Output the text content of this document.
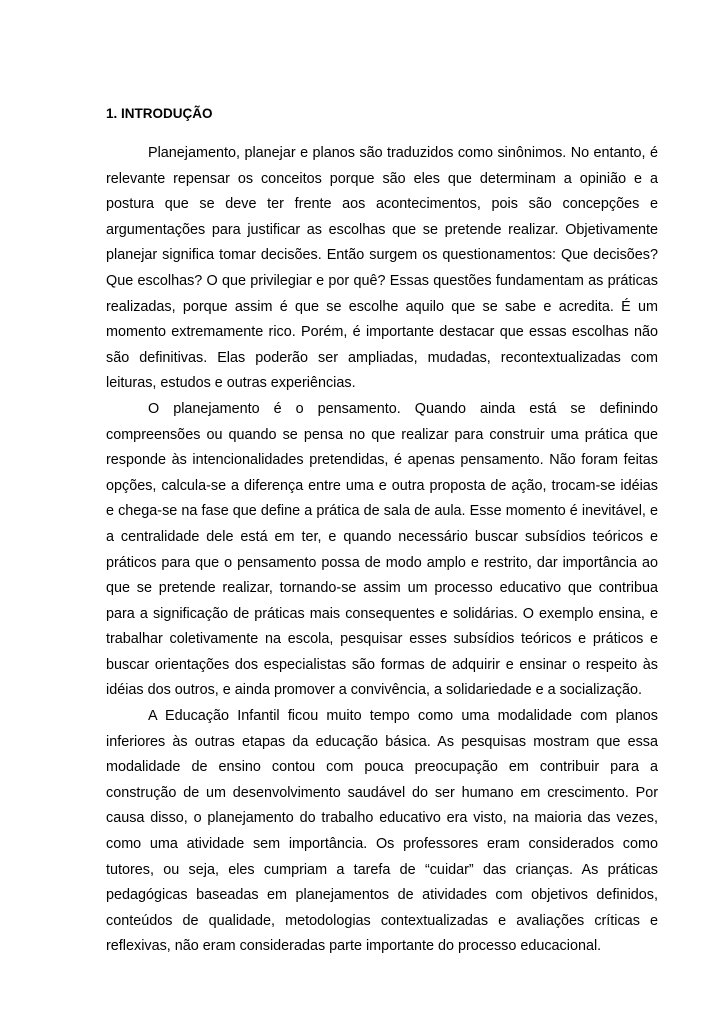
1. INTRODUÇÃO

Planejamento, planejar e planos são traduzidos como sinônimos. No entanto, é relevante repensar os conceitos porque são eles que determinam a opinião e a postura que se deve ter frente aos acontecimentos, pois são concepções e argumentações para justificar as escolhas que se pretende realizar. Objetivamente planejar significa tomar decisões. Então surgem os questionamentos: Que decisões? Que escolhas? O que privilegiar e por quê? Essas questões fundamentam as práticas realizadas, porque assim é que se escolhe aquilo que se sabe e acredita. É um momento extremamente rico. Porém, é importante destacar que essas escolhas não são definitivas. Elas poderão ser ampliadas, mudadas, recontextualizadas com leituras, estudos e outras experiências.

O planejamento é o pensamento. Quando ainda está se definindo compreensões ou quando se pensa no que realizar para construir uma prática que responde às intencionalidades pretendidas, é apenas pensamento. Não foram feitas opções, calcula-se a diferença entre uma e outra proposta de ação, trocam-se idéias e chega-se na fase que define a prática de sala de aula. Esse momento é inevitável, e a centralidade dele está em ter, e quando necessário buscar subsídios teóricos e práticos para que o pensamento possa de modo amplo e restrito, dar importância ao que se pretende realizar, tornando-se assim um processo educativo que contribua para a significação de práticas mais consequentes e solidárias. O exemplo ensina, e trabalhar coletivamente na escola, pesquisar esses subsídios teóricos e práticos e buscar orientações dos especialistas são formas de adquirir e ensinar o respeito às idéias dos outros, e ainda promover a convivência, a solidariedade e a socialização.

A Educação Infantil ficou muito tempo como uma modalidade com planos inferiores às outras etapas da educação básica. As pesquisas mostram que essa modalidade de ensino contou com pouca preocupação em contribuir para a construção de um desenvolvimento saudável do ser humano em crescimento. Por causa disso, o planejamento do trabalho educativo era visto, na maioria das vezes, como uma atividade sem importância. Os professores eram considerados como tutores, ou seja, eles cumpriam a tarefa de “cuidar” das crianças. As práticas pedagógicas baseadas em planejamentos de atividades com objetivos definidos, conteúdos de qualidade, metodologias contextualizadas e avaliações críticas e reflexivas, não eram consideradas parte importante do processo educacional.
